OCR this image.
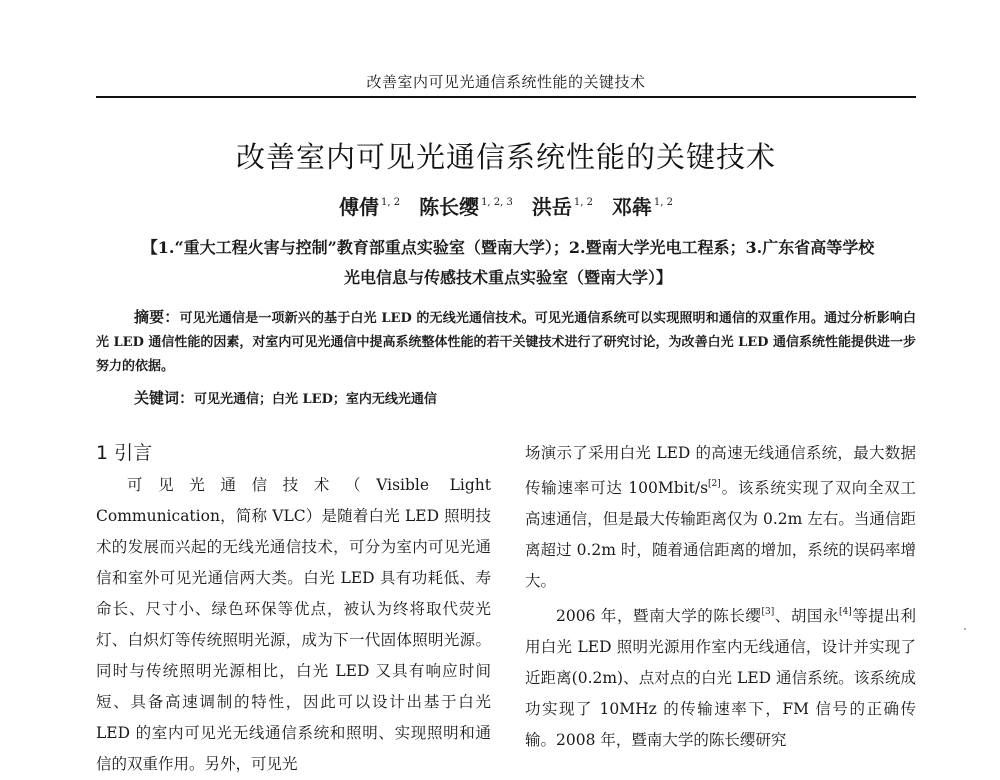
改善室内可见光通信系统性能的关键技术
改善室内可见光通信系统性能的关键技术
傅倩 $^{1, 2}$ 陈长缨 $^{1, 2, 3}$ 洪岳 $^{1, 2}$ 邓犇 $^{1, 2}$
【1.“重大工程火害与控制”教育部重点实验室（暨南大学）；2.暨南大学光电工程系；3.广东省高等学校
光电信息与传感技术重点实验室（暨南大学）】
摘要：可见光通信是一项新兴的基于白光 LED 的无线光通信技术。可见光通信系统可以实现照明和通信的双重作用。通过分析影响白光 LED 通信性能的因素，对室内可见光通信中提高系统整体性能的若干关键技术进行了研究讨论，为改善白光 LED 通信系统性能提供进一步努力的依据。
关键词：可见光通信；白光 LED；室内无线光通信
1 引言

可见光通信技术（Visible Light Communication，简称 VLC）是随着白光 LED 照明技术的发展而兴起的无线光通信技术，可分为室内可见光通信和室外可见光通信两大类。白光 LED 具有功耗低、寿命长、尺寸小、绿色环保等优点，被认为终将取代荧光灯、白炽灯等传统照明光源，成为下一代固体照明光源。同时与传统照明光源相比，白光 LED 又具有响应时间短、具备高速调制的特性，因此可以设计出基于白光 LED 的室内可见光无线通信系统和照明、实现照明和通信的双重作用。另外，可见光

场演示了采用白光 LED 的高速无线通信系统，最大数据传输速率可达 100Mbit/s[2]。该系统实现了双向全双工高速通信，但是最大传输距离仅为 0.2m 左右。当通信距离超过 0.2m 时，随着通信距离的增加，系统的误码率增大。

2006 年，暨南大学的陈长缨[3]、胡国永[4]等提出利用白光 LED 照明光源用作室内无线通信，设计并实现了近距离(0.2m)、点对点的白光 LED 通信系统。该系统成功实现了 10MHz 的传输速率下，FM 信号的正确传输。2008 年，暨南大学的陈长缨研究
